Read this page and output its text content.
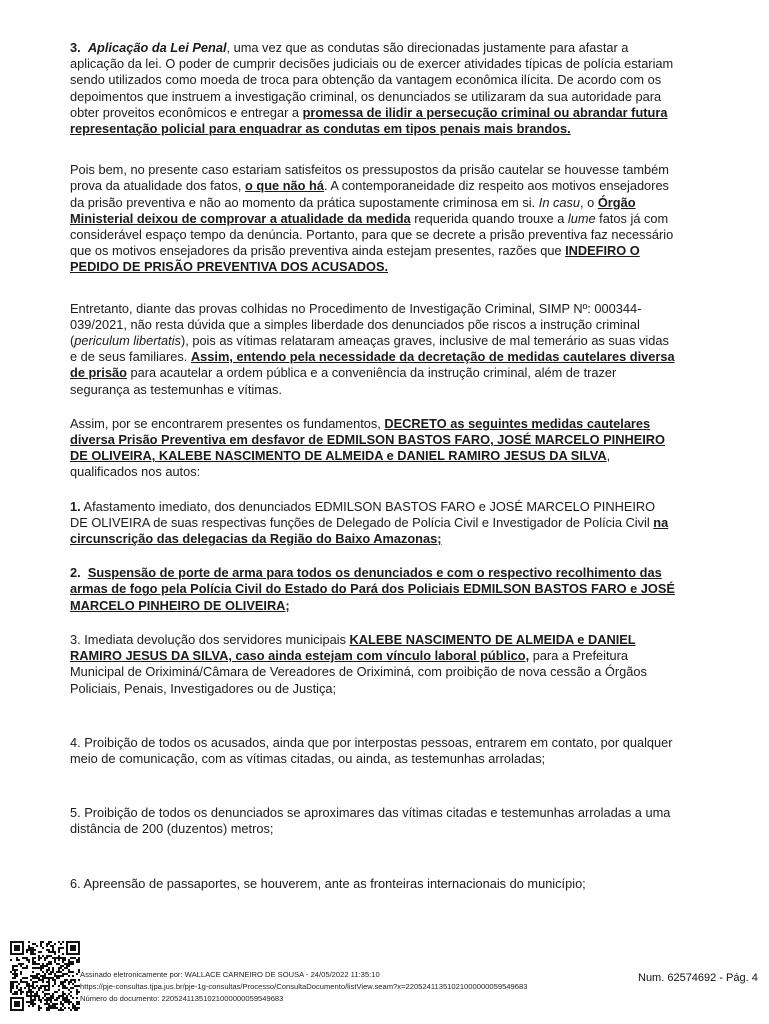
3. Aplicação da Lei Penal, uma vez que as condutas são direcionadas justamente para afastar a aplicação da lei. O poder de cumprir decisões judiciais ou de exercer atividades típicas de polícia estariam sendo utilizados como moeda de troca para obtenção da vantagem econômica ilícita. De acordo com os depoimentos que instruem a investigação criminal, os denunciados se utilizaram da sua autoridade para obter proveitos econômicos e entregar a promessa de ilidir a persecução criminal ou abrandar futura representação policial para enquadrar as condutas em tipos penais mais brandos.

Pois bem, no presente caso estariam satisfeitos os pressupostos da prisão cautelar se houvesse também prova da atualidade dos fatos, o que não há. A contemporaneidade diz respeito aos motivos ensejadores da prisão preventiva e não ao momento da prática supostamente criminosa em si. In casu, o Órgão Ministerial deixou de comprovar a atualidade da medida requerida quando trouxe a lume fatos já com considerável espaço tempo da denúncia. Portanto, para que se decrete a prisão preventiva faz necessário que os motivos ensejadores da prisão preventiva ainda estejam presentes, razões que INDEFIRO O PEDIDO DE PRISÃO PREVENTIVA DOS ACUSADOS.

Entretanto, diante das provas colhidas no Procedimento de Investigação Criminal, SIMP Nº: 000344-039/2021, não resta dúvida que a simples liberdade dos denunciados põe riscos a instrução criminal (periculum libertatis), pois as vítimas relataram ameaças graves, inclusive de mal temerário as suas vidas e de seus familiares. Assim, entendo pela necessidade da decretação de medidas cautelares diversa de prisão para acautelar a ordem pública e a conveniência da instrução criminal, além de trazer segurança as testemunhas e vítimas.

Assim, por se encontrarem presentes os fundamentos, DECRETO as seguintes medidas cautelares diversa Prisão Preventiva em desfavor de EDMILSON BASTOS FARO, JOSÉ MARCELO PINHEIRO DE OLIVEIRA, KALEBE NASCIMENTO DE ALMEIDA e DANIEL RAMIRO JESUS DA SILVA, qualificados nos autos:

1. Afastamento imediato, dos denunciados EDMILSON BASTOS FARO e JOSÉ MARCELO PINHEIRO DE OLIVEIRA de suas respectivas funções de Delegado de Polícia Civil e Investigador de Polícia Civil na circunscrição das delegacias da Região do Baixo Amazonas;

2. Suspensão de porte de arma para todos os denunciados e com o respectivo recolhimento das armas de fogo pela Polícia Civil do Estado do Pará dos Policiais EDMILSON BASTOS FARO e JOSÉ MARCELO PINHEIRO DE OLIVEIRA;

3. Imediata devolução dos servidores municipais KALEBE NASCIMENTO DE ALMEIDA e DANIEL RAMIRO JESUS DA SILVA, caso ainda estejam com vínculo laboral público, para a Prefeitura Municipal de Oriximiná/Câmara de Vereadores de Oriximiná, com proibição de nova cessão a Órgãos Policiais, Penais, Investigadores ou de Justiça;

4. Proibição de todos os acusados, ainda que por interpostas pessoas, entrarem em contato, por qualquer meio de comunicação, com as vítimas citadas, ou ainda, as testemunhas arroladas;

5. Proibição de todos os denunciados se aproximares das vítimas citadas e testemunhas arroladas a uma distância de 200 (duzentos) metros;

6. Apreensão de passaportes, se houverem, ante as fronteiras internacionais do município;

Assinado eletronicamente por: WALLACE CARNEIRO DE SOUSA - 24/05/2022 11:35:10
https://pje-consultas.tjpa.jus.br/pje-1g-consultas/Processo/ConsultaDocumento/listView.seam?x=22052411351021000000059549683
Número do documento: 22052411351021000000059549683
Num. 62574692 - Pág. 4
